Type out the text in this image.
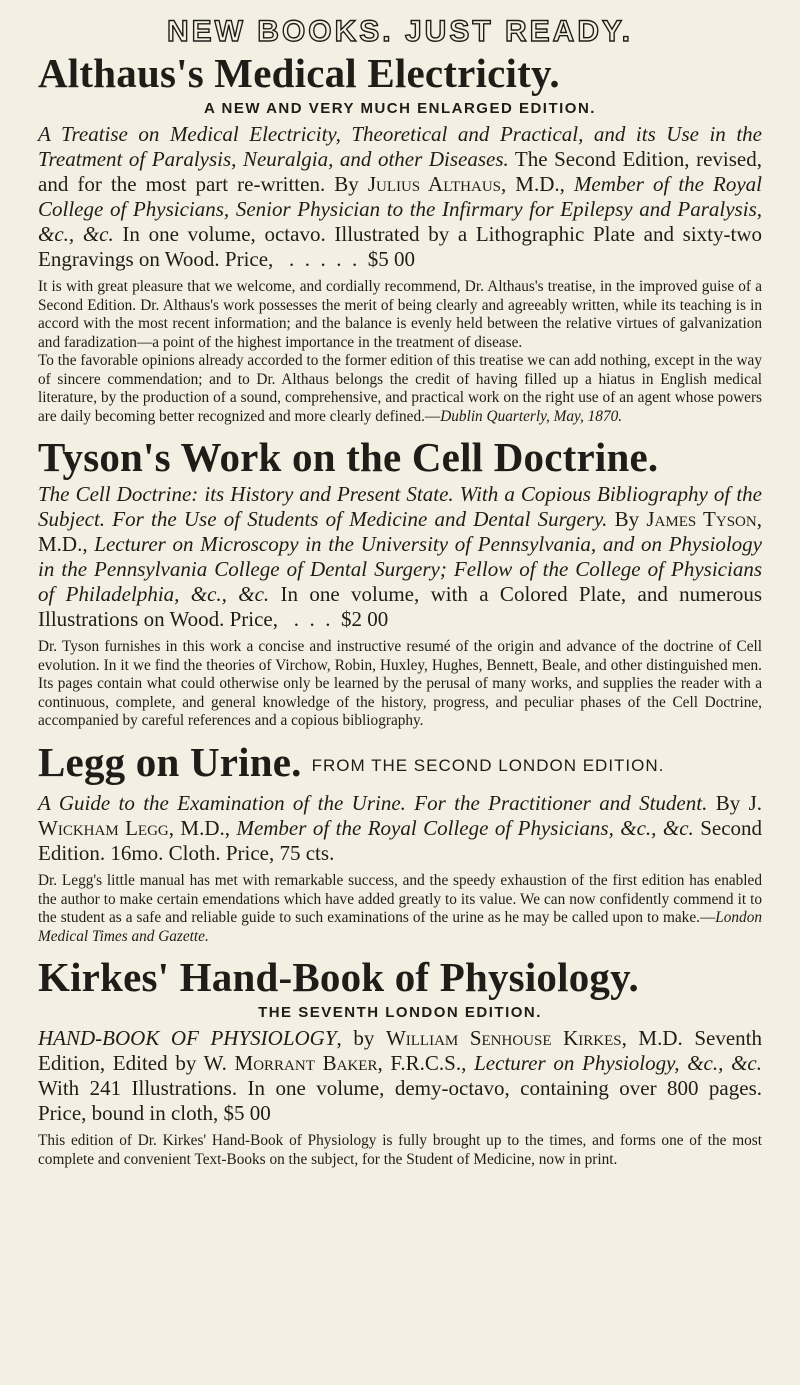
NEW BOOKS. JUST READY.
Althaus's Medical Electricity.
A NEW AND VERY MUCH ENLARGED EDITION.
A Treatise on Medical Electricity, Theoretical and Practical, and its Use in the Treatment of Paralysis, Neuralgia, and other Diseases. The Second Edition, revised, and for the most part re-written. By Julius Althaus, M.D., Member of the Royal College of Physicians, Senior Physician to the Infirmary for Epilepsy and Paralysis, &c., &c. In one volume, octavo. Illustrated by a Lithographic Plate and sixty-two Engravings on Wood. Price,   .  .  .  .  .  $5 00

It is with great pleasure that we welcome, and cordially recommend, Dr. Althaus's treatise, in the improved guise of a Second Edition. Dr. Althaus's work possesses the merit of being clearly and agreeably written, while its teaching is in accord with the most recent information; and the balance is evenly held between the relative virtues of galvanization and faradization—a point of the highest importance in the treatment of disease.

To the favorable opinions already accorded to the former edition of this treatise we can add nothing, except in the way of sincere commendation; and to Dr. Althaus belongs the credit of having filled up a hiatus in English medical literature, by the production of a sound, comprehensive, and practical work on the right use of an agent whose powers are daily becoming better recognized and more clearly defined.—Dublin Quarterly, May, 1870.

Tyson's Work on the Cell Doctrine.
The Cell Doctrine: its History and Present State. With a Copious Bibliography of the Subject. For the Use of Students of Medicine and Dental Surgery. By James Tyson, M.D., Lecturer on Microscopy in the University of Pennsylvania, and on Physiology in the Pennsylvania College of Dental Surgery; Fellow of the College of Physicians of Philadelphia, &c., &c. In one volume, with a Colored Plate, and numerous Illustrations on Wood. Price,   .  .  .  $2 00

Dr. Tyson furnishes in this work a concise and instructive resumé of the origin and advance of the doctrine of Cell evolution. In it we find the theories of Virchow, Robin, Huxley, Hughes, Bennett, Beale, and other distinguished men. Its pages contain what could otherwise only be learned by the perusal of many works, and supplies the reader with a continuous, complete, and general knowledge of the history, progress, and peculiar phases of the Cell Doctrine, accompanied by careful references and a copious bibliography.

Legg on Urine. FROM THE SECOND LONDON EDITION.
A Guide to the Examination of the Urine. For the Practitioner and Student. By J. Wickham Legg, M.D., Member of the Royal College of Physicians, &c., &c. Second Edition. 16mo. Cloth. Price, 75 cts.

Dr. Legg's little manual has met with remarkable success, and the speedy exhaustion of the first edition has enabled the author to make certain emendations which have added greatly to its value. We can now confidently commend it to the student as a safe and reliable guide to such examinations of the urine as he may be called upon to make.—London Medical Times and Gazette.

Kirkes' Hand-Book of Physiology.
THE SEVENTH LONDON EDITION.
HAND-BOOK OF PHYSIOLOGY, by William Senhouse Kirkes, M.D. Seventh Edition, Edited by W. Morrant Baker, F.R.C.S., Lecturer on Physiology, &c., &c. With 241 Illustrations. In one volume, demy-octavo, containing over 800 pages. Price, bound in cloth, $5 00

This edition of Dr. Kirkes' Hand-Book of Physiology is fully brought up to the times, and forms one of the most complete and convenient Text-Books on the subject, for the Student of Medicine, now in print.
